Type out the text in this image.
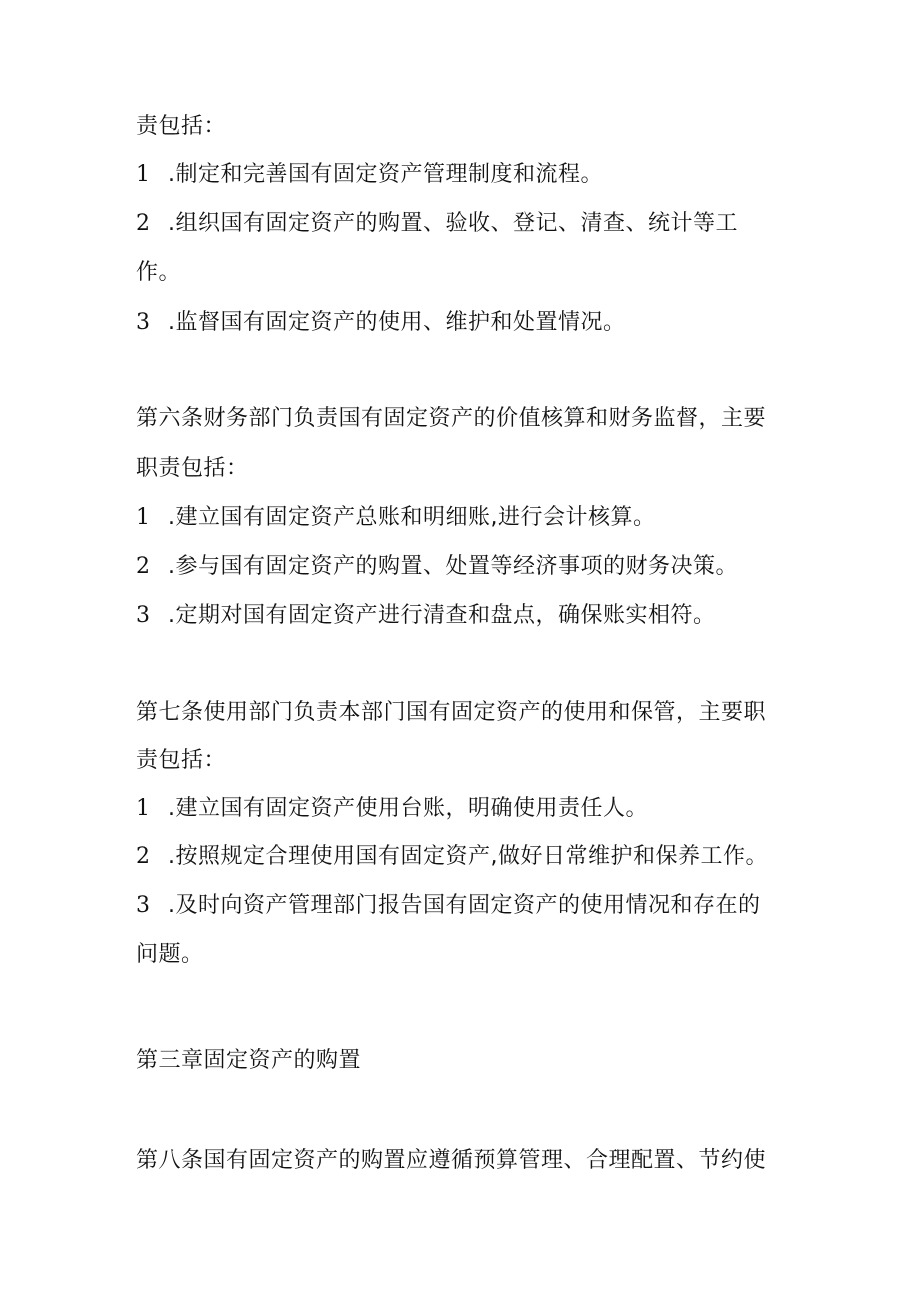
责包括：
1 .制定和完善国有固定资产管理制度和流程。
2 .组织国有固定资产的购置、验收、登记、清查、统计等工
作。
3 .监督国有固定资产的使用、维护和处置情况。
第六条财务部门负责国有固定资产的价值核算和财务监督，主要
职责包括：
1 .建立国有固定资产总账和明细账,进行会计核算。
2 .参与国有固定资产的购置、处置等经济事项的财务决策。
3 .定期对国有固定资产进行清查和盘点，确保账实相符。
第七条使用部门负责本部门国有固定资产的使用和保管，主要职
责包括：
1 .建立国有固定资产使用台账，明确使用责任人。
2 .按照规定合理使用国有固定资产,做好日常维护和保养工作。
3 .及时向资产管理部门报告国有固定资产的使用情况和存在的
问题。
第三章固定资产的购置
第八条国有固定资产的购置应遵循预算管理、合理配置、节约使
